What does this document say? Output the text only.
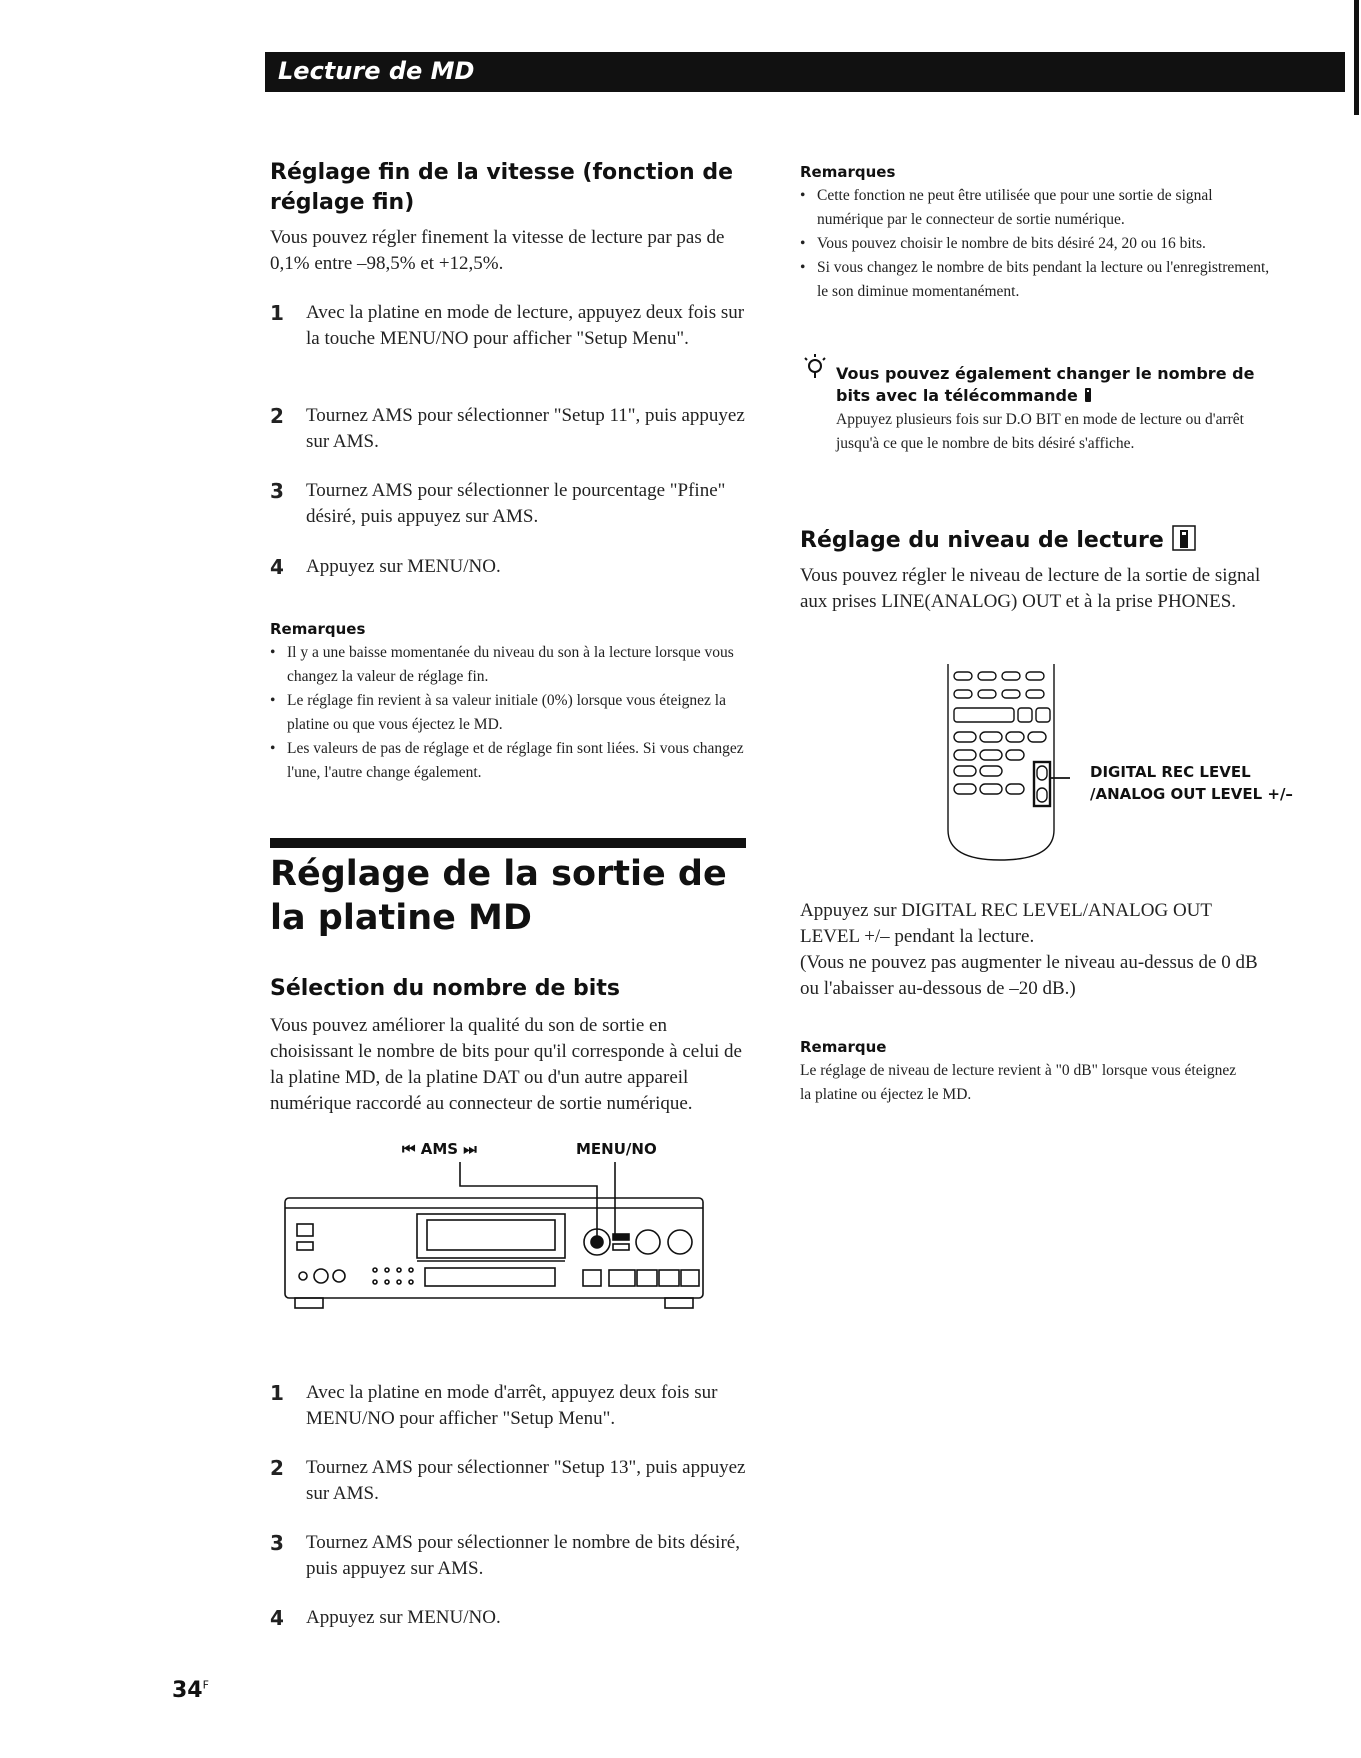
Lecture de MD
Réglage fin de la vitesse (fonction de réglage fin)

Vous pouvez régler finement la vitesse de lecture par pas de 0,1% entre –98,5% et +12,5%.

1 Avec la platine en mode de lecture, appuyez deux fois sur la touche MENU/NO pour afficher "Setup Menu".
2 Tournez AMS pour sélectionner "Setup 11", puis appuyez sur AMS.
3 Tournez AMS pour sélectionner le pourcentage "Pfine" désiré, puis appuyez sur AMS.
4 Appuyez sur MENU/NO.
Remarques
• Il y a une baisse momentanée du niveau du son à la lecture lorsque vous changez la valeur de réglage fin.
• Le réglage fin revient à sa valeur initiale (0%) lorsque vous éteignez la platine ou que vous éjectez le MD.
• Les valeurs de pas de réglage et de réglage fin sont liées. Si vous changez l'une, l'autre change également.
Réglage de la sortie de la platine MD
Sélection du nombre de bits

Vous pouvez améliorer la qualité du son de sortie en choisissant le nombre de bits pour qu'il corresponde à celui de la platine MD, de la platine DAT ou d'un autre appareil numérique raccordé au connecteur de sortie numérique.

⏮ AMS ⏭	MENU/NO
1 Avec la platine en mode d'arrêt, appuyez deux fois sur MENU/NO pour afficher "Setup Menu".
2 Tournez AMS pour sélectionner "Setup 13", puis appuyez sur AMS.
3 Tournez AMS pour sélectionner le nombre de bits désiré, puis appuyez sur AMS.
4 Appuyez sur MENU/NO.
Remarques
• Cette fonction ne peut être utilisée que pour une sortie de signal numérique par le connecteur de sortie numérique.
• Vous pouvez choisir le nombre de bits désiré 24, 20 ou 16 bits.
• Si vous changez le nombre de bits pendant la lecture ou l'enregistrement, le son diminue momentanément.
Vous pouvez également changer le nombre de bits avec la télécommande

Appuyez plusieurs fois sur D.O BIT en mode de lecture ou d'arrêt jusqu'à ce que le nombre de bits désiré s'affiche.

Réglage du niveau de lecture

Vous pouvez régler le niveau de lecture de la sortie de signal aux prises LINE(ANALOG) OUT et à la prise PHONES.

DIGITAL REC LEVEL
/ANALOG OUT LEVEL +/–

Appuyez sur DIGITAL REC LEVEL/ANALOG OUT LEVEL +/– pendant la lecture.

(Vous ne pouvez pas augmenter le niveau au-dessus de 0 dB ou l'abaisser au-dessous de –20 dB.)

Remarque

Le réglage de niveau de lecture revient à "0 dB" lorsque vous éteignez la platine ou éjectez le MD.

$34^F$
